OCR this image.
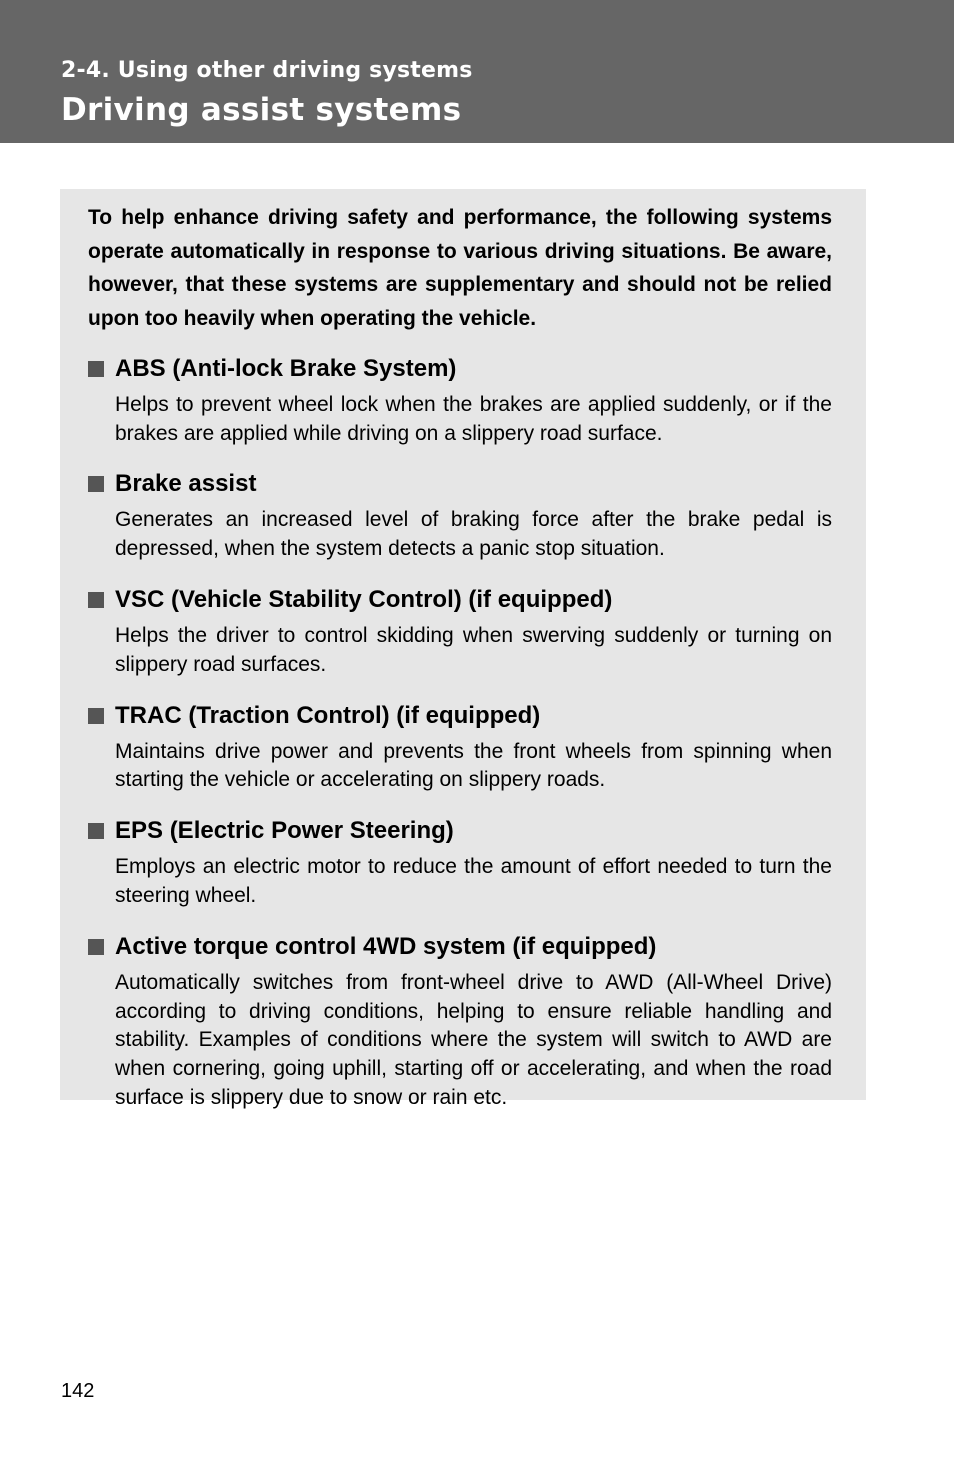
2-4. Using other driving systems
Driving assist systems

To help enhance driving safety and performance, the following systems operate automatically in response to various driving situations. Be aware, however, that these systems are supplementary and should not be relied upon too heavily when operating the vehicle.

ABS (Anti-lock Brake System)
Helps to prevent wheel lock when the brakes are applied suddenly, or if the brakes are applied while driving on a slippery road surface.
Brake assist
Generates an increased level of braking force after the brake pedal is depressed, when the system detects a panic stop situation.
VSC (Vehicle Stability Control) (if equipped)
Helps the driver to control skidding when swerving suddenly or turning on slippery road surfaces.
TRAC (Traction Control) (if equipped)
Maintains drive power and prevents the front wheels from spinning when starting the vehicle or accelerating on slippery roads.
EPS (Electric Power Steering)
Employs an electric motor to reduce the amount of effort needed to turn the steering wheel.
Active torque control 4WD system (if equipped)
Automatically switches from front-wheel drive to AWD (All-Wheel Drive) according to driving conditions, helping to ensure reliable handling and stability. Examples of conditions where the system will switch to AWD are when cornering, going uphill, starting off or accelerating, and when the road surface is slippery due to snow or rain etc.
142
